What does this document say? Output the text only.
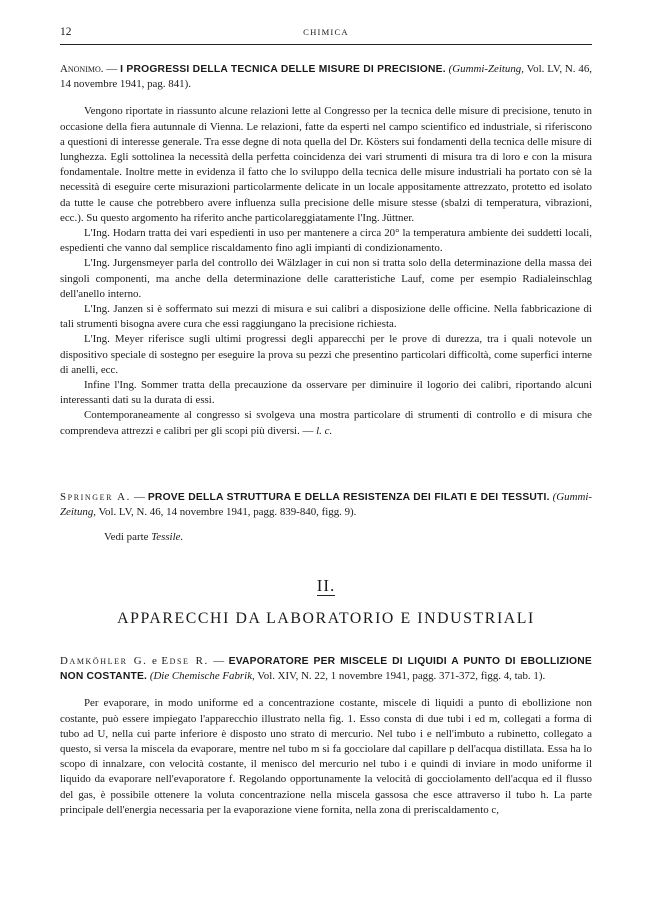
12	CHIMICA

Anonimo. — I PROGRESSI DELLA TECNICA DELLE MISURE DI PRECISIONE. (Gummi-Zeitung, Vol. LV, N. 46, 14 novembre 1941, pag. 841).

Vengono riportate in riassunto alcune relazioni lette al Congresso per la tecnica delle misure di precisione, tenuto in occasione della fiera autunnale di Vienna. Le relazioni, fatte da esperti nel campo scientifico ed industriale, si riferiscono a questioni di interesse generale. Tra esse degne di nota quella del Dr. Kösters sui fondamenti della tecnica delle misure di lunghezza. Egli sottolinea la necessità della perfetta coincidenza dei vari strumenti di misura tra di loro e con la misura fondamentale. Inoltre mette in evidenza il fatto che lo sviluppo della tecnica delle misure industriali ha portato con sè la necessità di eseguire certe misurazioni particolarmente delicate in un locale appositamente attrezzato, protetto ed isolato da tutte le cause che potrebbero avere influenza sulla precisione delle misure stesse (sbalzi di temperatura, vibrazioni, ecc.). Su questo argomento ha riferito anche particolareggiatamente l'Ing. Jüttner.

L'Ing. Hodarn tratta dei vari espedienti in uso per mantenere a circa 20° la temperatura ambiente dei suddetti locali, espedienti che vanno dal semplice riscaldamento fino agli impianti di condizionamento.

L'Ing. Jurgensmeyer parla del controllo dei Wälzlager in cui non si tratta solo della determinazione della massa dei singoli componenti, ma anche della determinazione delle caratteristiche Lauf, come per esempio Radialeinschlag dell'anello interno.

L'Ing. Janzen si è soffermato sui mezzi di misura e sui calibri a disposizione delle officine. Nella fabbricazione di tali strumenti bisogna avere cura che essi raggiungano la precisione richiesta.

L'Ing. Meyer riferisce sugli ultimi progressi degli apparecchi per le prove di durezza, tra i quali notevole un dispositivo speciale di sostegno per eseguire la prova su pezzi che presentino particolari difficoltà, come superfici interne di anelli, ecc.

Infine l'Ing. Sommer tratta della precauzione da osservare per diminuire il logorio dei calibri, riportando alcuni interessanti dati su la durata di essi.

Contemporaneamente al congresso si svolgeva una mostra particolare di strumenti di controllo e di misura che comprendeva attrezzi e calibri per gli scopi più diversi. — l. c.

Springer A. — PROVE DELLA STRUTTURA E DELLA RESISTENZA DEI FILATI E DEI TESSUTI. (Gummi-Zeitung, Vol. LV, N. 46, 14 novembre 1941, pagg. 839-840, figg. 9).

Vedi parte Tessile.

II.
APPARECCHI DA LABORATORIO E INDUSTRIALI

Damköhler G. e Edse R. — EVAPORATORE PER MISCELE DI LIQUIDI A PUNTO DI EBOLLIZIONE NON COSTANTE. (Die Chemische Fabrik, Vol. XIV, N. 22, 1 novembre 1941, pagg. 371-372, figg. 4, tab. 1).

Per evaporare, in modo uniforme ed a concentrazione costante, miscele di liquidi a punto di ebollizione non costante, può essere impiegato l'apparecchio illustrato nella fig. 1. Esso consta di due tubi i ed m, collegati a forma di tubo ad U, nella cui parte inferiore è disposto uno strato di mercurio. Nel tubo i e nell'imbuto a rubinetto, collegato a questo, si versa la miscela da evaporare, mentre nel tubo m si fa gocciolare dal capillare p dell'acqua distillata. Essa ha lo scopo di innalzare, con velocità costante, il menisco del mercurio nel tubo i e quindi di inviare in modo uniforme il liquido da evaporare nell'evaporatore f. Regolando opportunamente la velocità di gocciolamento dell'acqua ed il flusso del gas, è possibile ottenere la voluta concentrazione nella miscela gassosa che esce attraverso il tubo h. La parte principale dell'energia necessaria per la evaporazione viene fornita, nella zona di preriscaldamento c,
